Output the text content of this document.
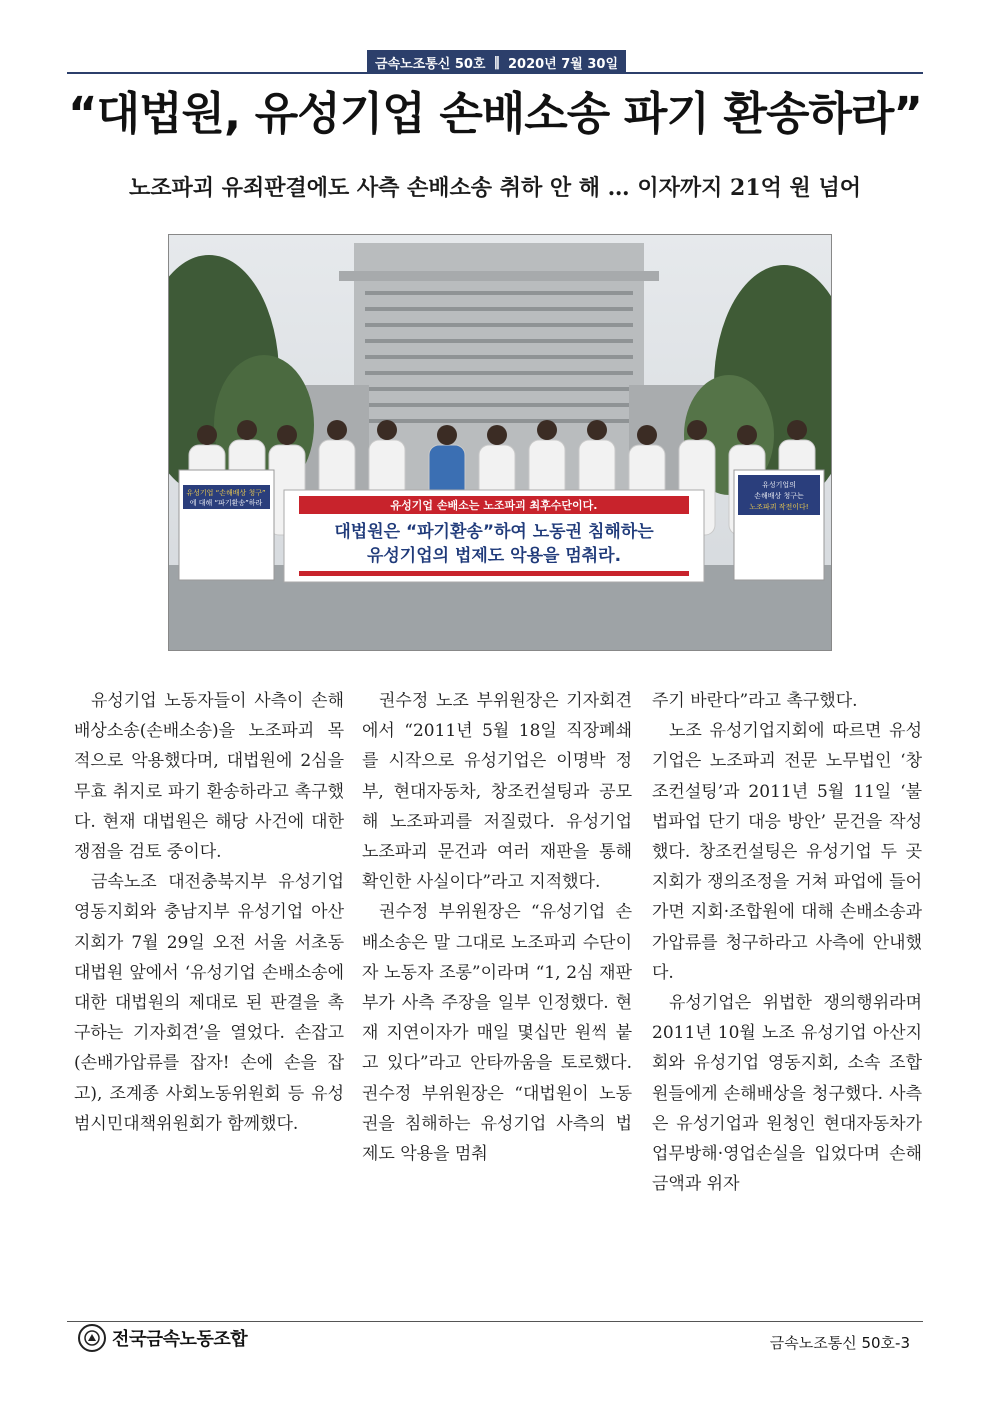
금속노조통신 50호 ‖ 2020년 7월 30일
“대법원, 유성기업 손배소송 파기 환송하라”
노조파괴 유죄판결에도 사측 손배소송 취하 안 해 … 이자까지 21억 원 넘어
유성기업 “손해배상 청구”
에 대해 “파기환송”하라
유성기업의
손해배상 청구는
노조파괴 작전이다!
유성기업 손배소는 노조파괴 최후수단이다.
대법원은 “파기환송”하여 노동권 침해하는
유성기업의 법제도 악용을 멈춰라.

유성기업 노동자들이 사측이 손해배상소송(손배소송)을 노조파괴 목적으로 악용했다며, 대법원에 2심을 무효 취지로 파기 환송하라고 촉구했다. 현재 대법원은 해당 사건에 대한 쟁점을 검토 중이다.

금속노조 대전충북지부 유성기업 영동지회와 충남지부 유성기업 아산지회가 7월 29일 오전 서울 서초동 대법원 앞에서 ‘유성기업 손배소송에 대한 대법원의 제대로 된 판결을 촉구하는 기자회견’을 열었다. 손잡고(손배가압류를 잡자! 손에 손을 잡고), 조계종 사회노동위원회 등 유성범시민대책위원회가 함께했다.

권수정 노조 부위원장은 기자회견에서 “2011년 5월 18일 직장폐쇄를 시작으로 유성기업은 이명박 정부, 현대자동차, 창조컨설팅과 공모해 노조파괴를 저질렀다. 유성기업 노조파괴 문건과 여러 재판을 통해 확인한 사실이다”라고 지적했다.

권수정 부위원장은 “유성기업 손배소송은 말 그대로 노조파괴 수단이자 노동자 조롱”이라며 “1, 2심 재판부가 사측 주장을 일부 인정했다. 현재 지연이자가 매일 몇십만 원씩 붙고 있다”라고 안타까움을 토로했다. 권수정 부위원장은 “대법원이 노동권을 침해하는 유성기업 사측의 법 제도 악용을 멈춰

주기 바란다”라고 촉구했다.

노조 유성기업지회에 따르면 유성기업은 노조파괴 전문 노무법인 ‘창조컨설팅’과 2011년 5월 11일 ‘불법파업 단기 대응 방안’ 문건을 작성했다. 창조컨설팅은 유성기업 두 곳 지회가 쟁의조정을 거쳐 파업에 들어가면 지회·조합원에 대해 손배소송과 가압류를 청구하라고 사측에 안내했다.

유성기업은 위법한 쟁의행위라며 2011년 10월 노조 유성기업 아산지회와 유성기업 영동지회, 소속 조합원들에게 손해배상을 청구했다. 사측은 유성기업과 원청인 현대자동차가 업무방해·영업손실을 입었다며 손해 금액과 위자

전국금속노동조합	금속노조통신 50호-3
